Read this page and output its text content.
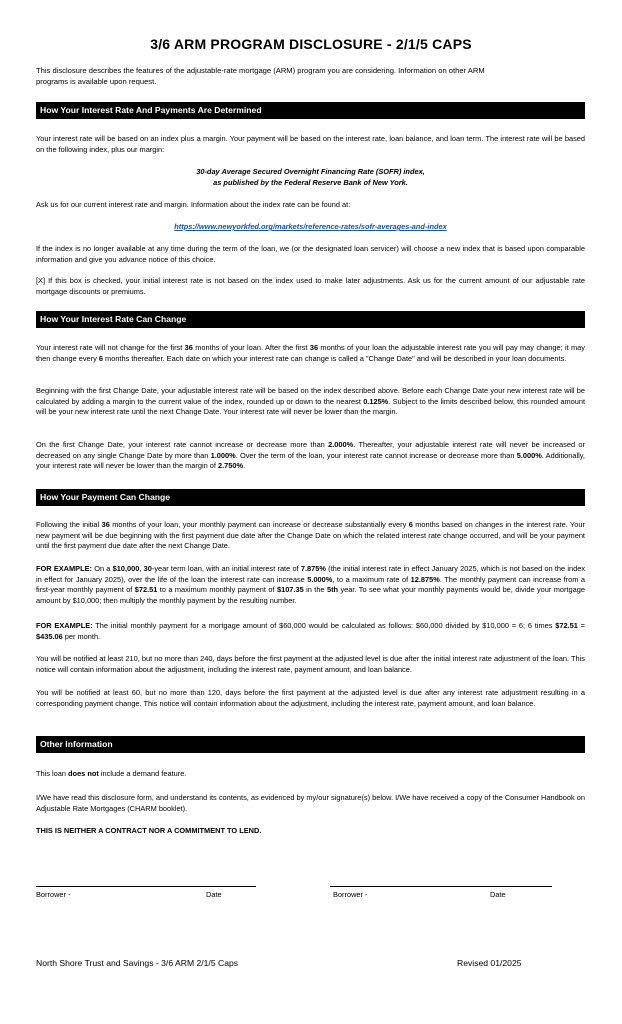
3/6 ARM PROGRAM DISCLOSURE - 2/1/5 CAPS
This disclosure describes the features of the adjustable-rate mortgage (ARM) program you are considering. Information on other ARM programs is available upon request.
How Your Interest Rate And Payments Are Determined
Your interest rate will be based on an index plus a margin. Your payment will be based on the interest rate, loan balance, and loan term. The interest rate will be based on the following index, plus our margin:
30-day Average Secured Overnight Financing Rate (SOFR) index,
as published by the Federal Reserve Bank of New York.
Ask us for our current interest rate and margin. Information about the index rate can be found at:
https://www.newyorkfed.org/markets/reference-rates/sofr-averages-and-index
If the index is no longer available at any time during the term of the loan, we (or the designated loan servicer) will choose a new index that is based upon comparable information and give you advance notice of this choice.
[X] If this box is checked, your initial interest rate is not based on the index used to make later adjustments. Ask us for the current amount of our adjustable rate mortgage discounts or premiums.
How Your Interest Rate Can Change
Your interest rate will not change for the first 36 months of your loan. After the first 36 months of your loan the adjustable interest rate you will pay may change; it may then change every 6 months thereafter. Each date on which your interest rate can change is called a "Change Date" and will be described in your loan documents.
Beginning with the first Change Date, your adjustable interest rate will be based on the index described above. Before each Change Date your new interest rate will be calculated by adding a margin to the current value of the index, rounded up or down to the nearest 0.125%. Subject to the limits described below, this rounded amount will be your new interest rate until the next Change Date. Your interest rate will never be lower than the margin.
On the first Change Date, your interest rate cannot increase or decrease more than 2.000%. Thereafter, your adjustable interest rate will never be increased or decreased on any single Change Date by more than 1.000%. Over the term of the loan, your interest rate cannot increase or decrease more than 5.000%. Additionally, your interest rate will never be lower than the margin of 2.750%.
How Your Payment Can Change
Following the initial 36 months of your loan, your monthly payment can increase or decrease substantially every 6 months based on changes in the interest rate. Your new payment will be due beginning with the first payment due date after the Change Date on which the related interest rate change occurred, and will be your payment until the first payment due date after the next Change Date.
FOR EXAMPLE: On a $10,000, 30-year term loan, with an initial interest rate of 7.875% (the initial interest rate in effect January 2025, which is not based on the index in effect for January 2025), over the life of the loan the interest rate can increase 5.000%, to a maximum rate of 12.875%. The monthly payment can increase from a first-year monthly payment of $72.51 to a maximum monthly payment of $107.35 in the 5th year. To see what your monthly payments would be, divide your mortgage amount by $10,000; then multiply the monthly payment by the resulting number.
FOR EXAMPLE: The initial monthly payment for a mortgage amount of $60,000 would be calculated as follows: $60,000 divided by $10,000 = 6; 6 times $72.51 = $435.06 per month.
You will be notified at least 210, but no more than 240, days before the first payment at the adjusted level is due after the initial interest rate adjustment of the loan. This notice will contain information about the adjustment, including the interest rate, payment amount, and loan balance.
You will be notified at least 60, but no more than 120, days before the first payment at the adjusted level is due after any interest rate adjustment resulting in a corresponding payment change. This notice will contain information about the adjustment, including the interest rate, payment amount, and loan balance.
Other Information
This loan does not include a demand feature.
I/We have read this disclosure form, and understand its contents, as evidenced by my/our signature(s) below. I/We have received a copy of the Consumer Handbook on Adjustable Rate Mortgages (CHARM booklet).
THIS IS NEITHER A CONTRACT NOR A COMMITMENT TO LEND.
Borrower -	Date	Borrower -	Date
North Shore Trust and Savings - 3/6 ARM 2/1/5 Caps	Revised 01/2025
